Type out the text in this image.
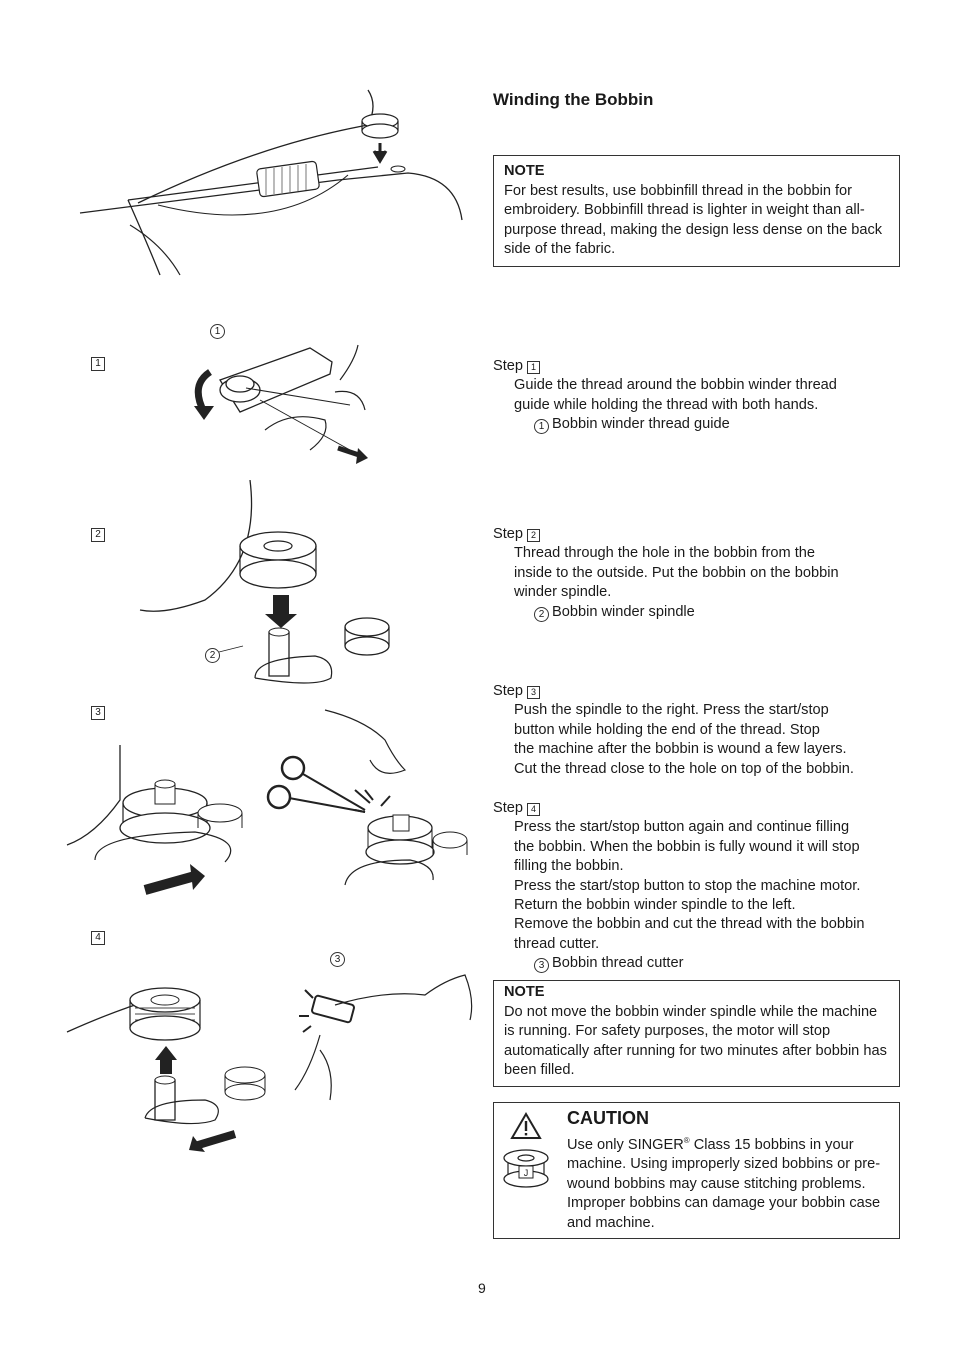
Winding the Bobbin
NOTE
For best results, use bobbinfill thread in the bobbin for embroidery. Bobbinfill thread is lighter in weight than all-purpose thread, making the design less dense on the back side of the fabric.
Step 1
Guide the thread around the bobbin winder thread
guide while holding the thread with both hands.
1 Bobbin winder thread guide
Step 2
Thread through the hole in the bobbin from the
inside to the outside. Put the bobbin on the bobbin
winder spindle.
2 Bobbin winder spindle
Step 3
Push the spindle to the right. Press the start/stop
button while holding the end of the thread. Stop
the machine after the bobbin is wound a few layers.
Cut the thread close to the hole on top of the bobbin.
Step 4
Press the start/stop button again and continue filling
the bobbin. When the bobbin is fully wound it will stop
filling the bobbin.
Press the start/stop button to stop the machine motor.
Return the bobbin winder spindle to the left.
Remove the bobbin and cut the thread with the bobbin
thread cutter.
3 Bobbin thread cutter
NOTE
Do not move the bobbin winder spindle while the machine is running. For safety purposes, the motor will stop automatically after running for two minutes after bobbin has been filled.
J
CAUTION
Use only SINGER® Class 15 bobbins in your machine. Using improperly sized bobbins or pre-wound bobbins may cause stitching problems. Improper bobbins can damage your bobbin case and machine.
1
2
3
4
1
2
3
9
